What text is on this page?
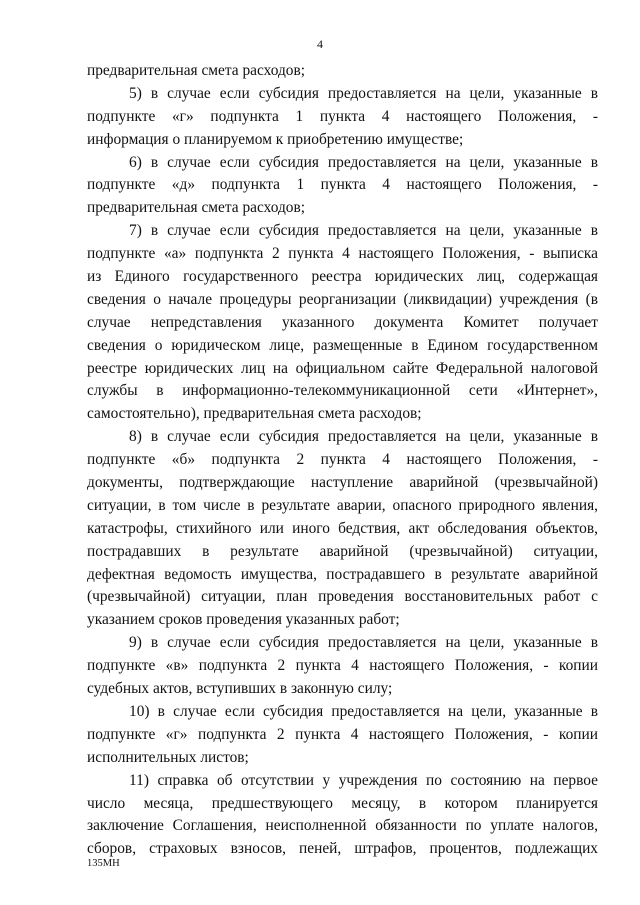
4
предварительная смета расходов;
5) в случае если субсидия предоставляется на цели, указанные в
подпункте «г» подпункта 1 пункта 4 настоящего Положения, -
информация о планируемом к приобретению имуществе;
6) в случае если субсидия предоставляется на цели, указанные в
подпункте «д» подпункта 1 пункта 4 настоящего Положения, -
предварительная смета расходов;
7) в случае если субсидия предоставляется на цели, указанные в
подпункте «а» подпункта 2 пункта 4 настоящего Положения, - выписка
из Единого государственного реестра юридических лиц, содержащая
сведения о начале процедуры реорганизации (ликвидации) учреждения (в
случае непредставления указанного документа Комитет получает
сведения о юридическом лице, размещенные в Едином государственном
реестре юридических лиц на официальном сайте Федеральной налоговой
службы в информационно-телекоммуникационной сети «Интернет»,
самостоятельно), предварительная смета расходов;
8) в случае если субсидия предоставляется на цели, указанные в
подпункте «б» подпункта 2 пункта 4 настоящего Положения, -
документы, подтверждающие наступление аварийной (чрезвычайной)
ситуации, в том числе в результате аварии, опасного природного явления,
катастрофы, стихийного или иного бедствия, акт обследования объектов,
пострадавших в результате аварийной (чрезвычайной) ситуации,
дефектная ведомость имущества, пострадавшего в результате аварийной
(чрезвычайной) ситуации, план проведения восстановительных работ с
указанием сроков проведения указанных работ;
9) в случае если субсидия предоставляется на цели, указанные в
подпункте «в» подпункта 2 пункта 4 настоящего Положения, - копии
судебных актов, вступивших в законную силу;
10) в случае если субсидия предоставляется на цели, указанные в
подпункте «г» подпункта 2 пункта 4 настоящего Положения, - копии
исполнительных листов;
11) справка об отсутствии у учреждения по состоянию на первое
число месяца, предшествующего месяцу, в котором планируется
заключение Соглашения, неисполненной обязанности по уплате налогов,
сборов, страховых взносов, пеней, штрафов, процентов, подлежащих
135МН
